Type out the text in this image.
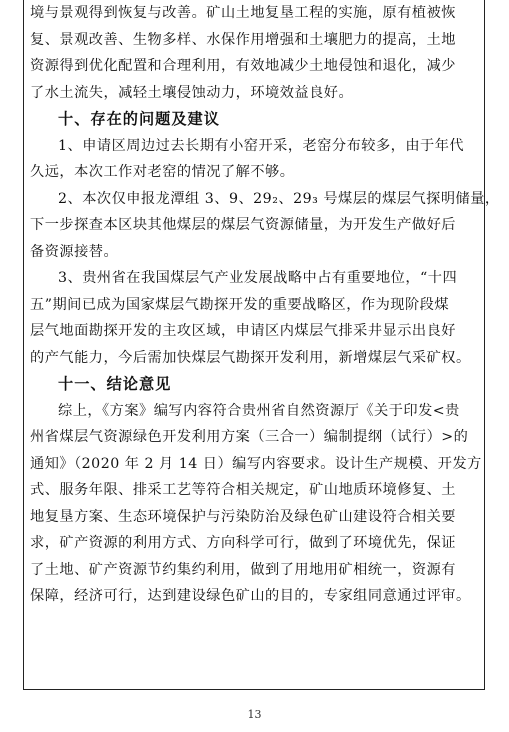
境与景观得到恢复与改善。矿山土地复垦工程的实施，原有植被恢
复、景观改善、生物多样、水保作用增强和土壤肥力的提高，土地
资源得到优化配置和合理利用，有效地减少土地侵蚀和退化，减少
了水土流失，减轻土壤侵蚀动力，环境效益良好。
十、存在的问题及建议
1、申请区周边过去长期有小窑开采，老窑分布较多，由于年代
久远，本次工作对老窑的情况了解不够。
2、本次仅申报龙潭组 3、9、29₂、29₃ 号煤层的煤层气探明储量，
下一步探查本区块其他煤层的煤层气资源储量，为开发生产做好后
备资源接替。
3、贵州省在我国煤层气产业发展战略中占有重要地位，“十四
五”期间已成为国家煤层气勘探开发的重要战略区，作为现阶段煤
层气地面勘探开发的主攻区域，申请区内煤层气排采井显示出良好
的产气能力，今后需加快煤层气勘探开发利用，新增煤层气采矿权。
十一、结论意见
综上，《方案》编写内容符合贵州省自然资源厅《关于印发<贵
州省煤层气资源绿色开发利用方案（三合一）编制提纲（试行）>的
通知》（2020 年 2 月 14 日）编写内容要求。设计生产规模、开发方
式、服务年限、排采工艺等符合相关规定，矿山地质环境修复、土
地复垦方案、生态环境保护与污染防治及绿色矿山建设符合相关要
求，矿产资源的利用方式、方向科学可行，做到了环境优先，保证
了土地、矿产资源节约集约利用，做到了用地用矿相统一，资源有
保障，经济可行，达到建设绿色矿山的目的，专家组同意通过评审。
13
